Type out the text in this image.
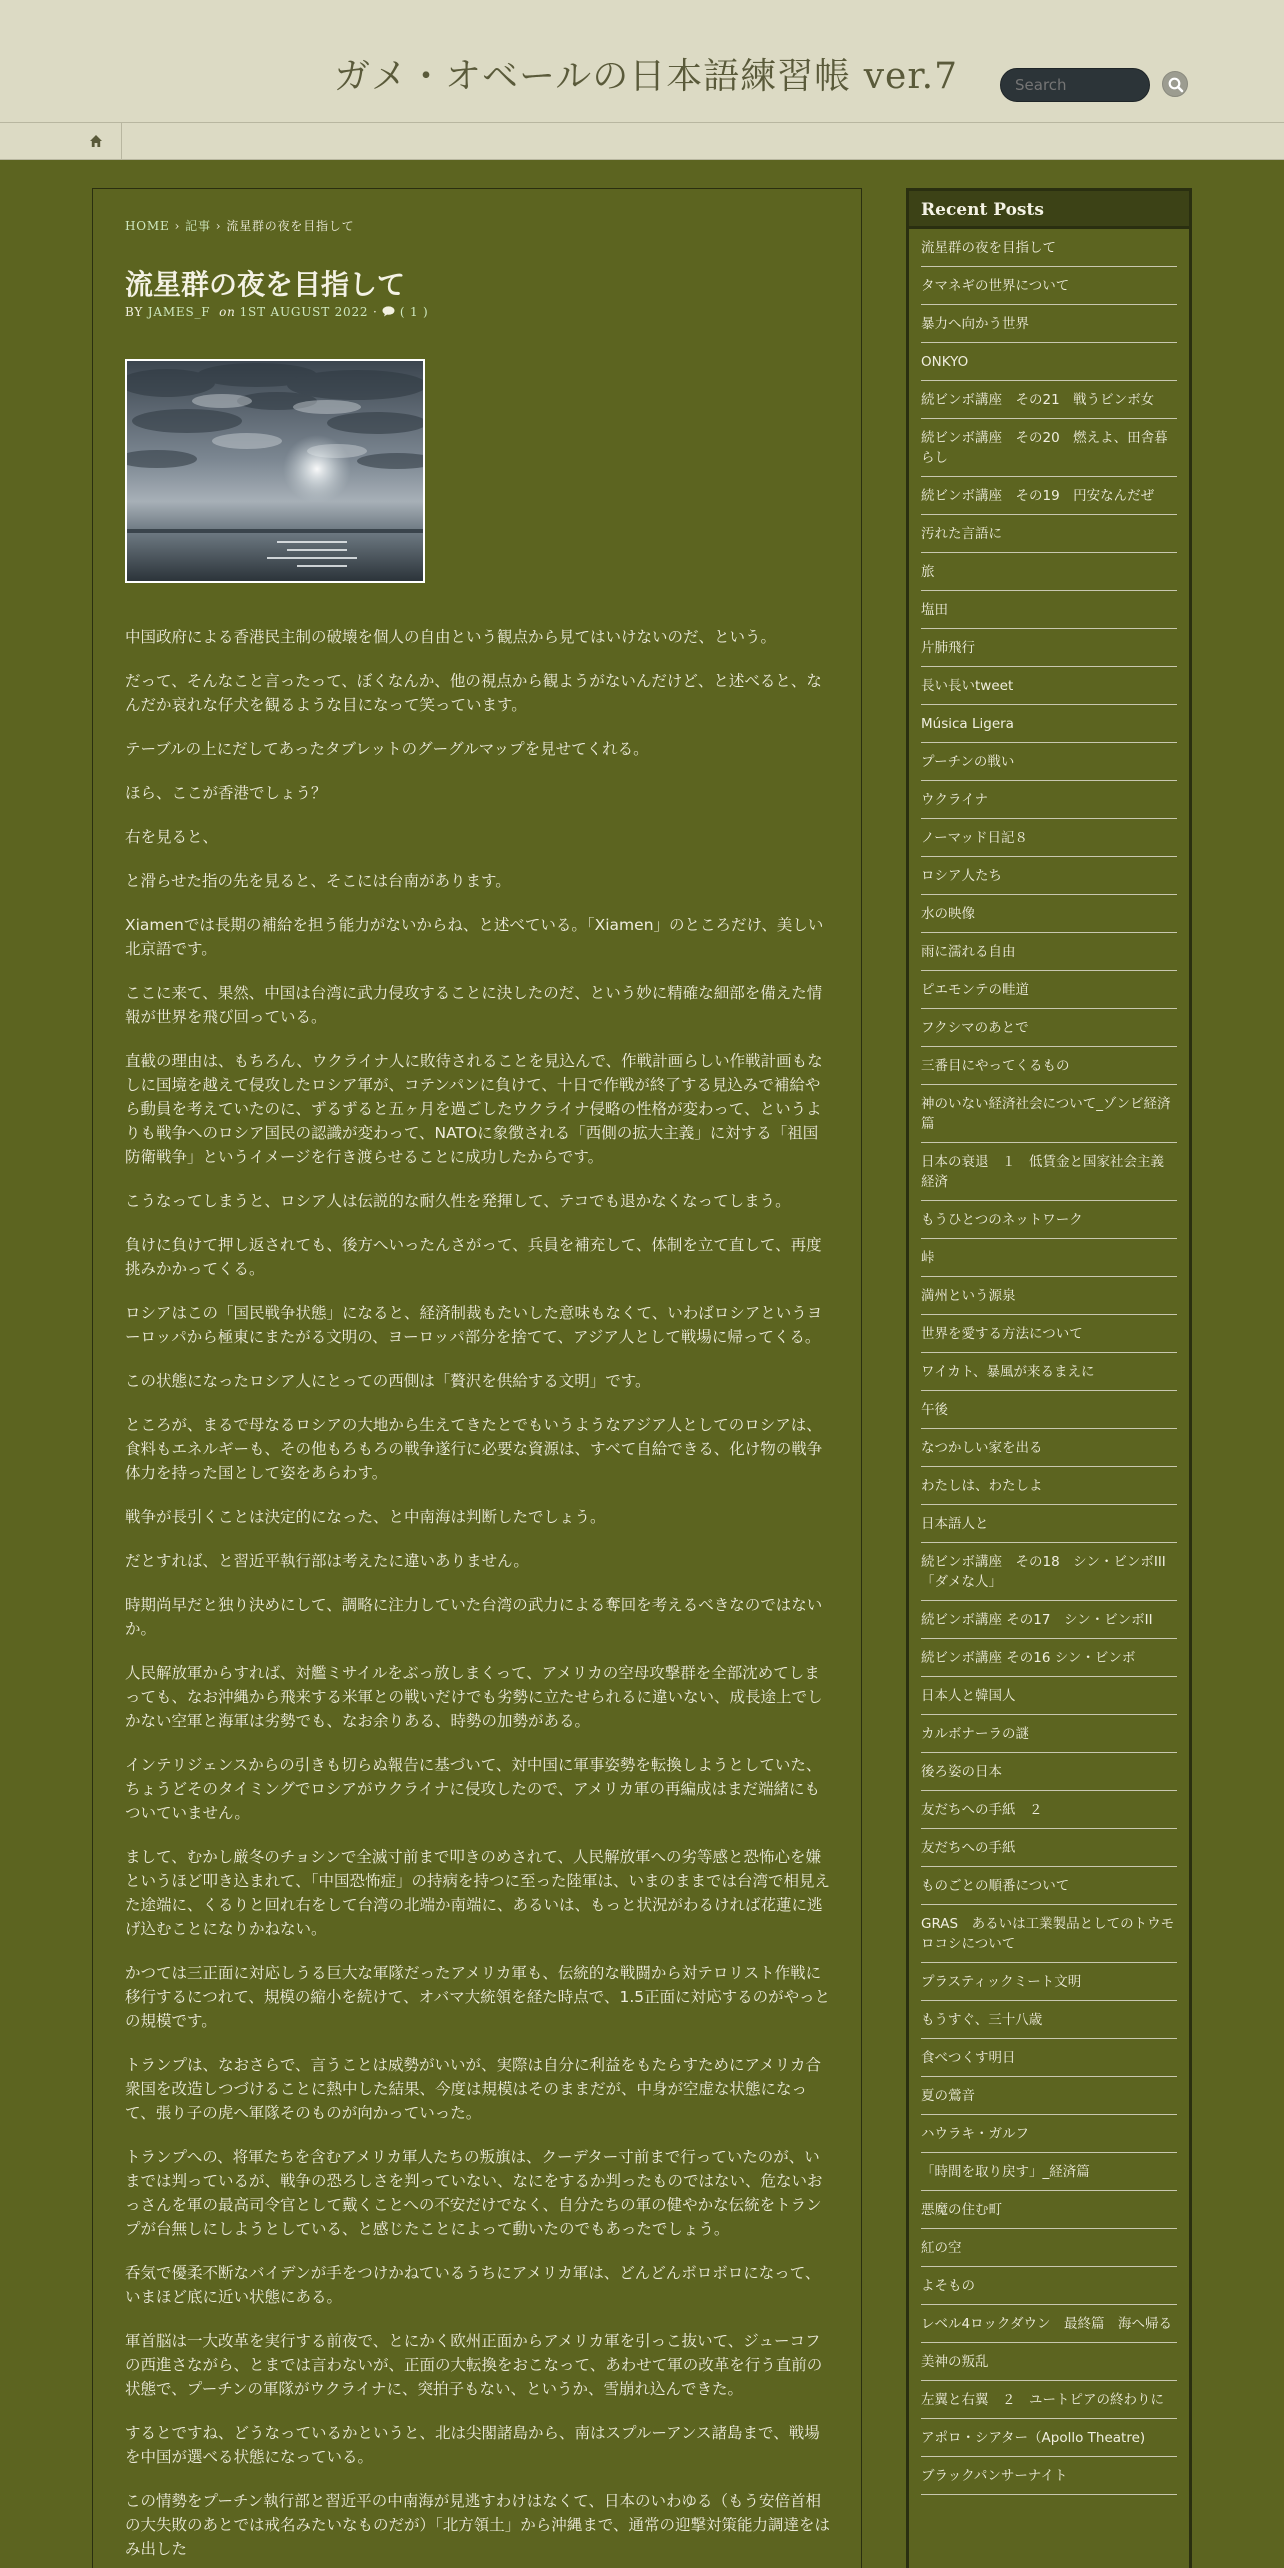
ガメ・オベールの日本語練習帳 ver.7
Search
HOME › 記事 › 流星群の夜を目指して
流星群の夜を目指して
BY JAMES_F on 1ST AUGUST 2022 · ( 1 )

中国政府による香港民主制の破壊を個人の自由という観点から見てはいけないのだ、という。

だって、そんなこと言ったって、ぼくなんか、他の視点から観ようがないんだけど、と述べると、なんだか哀れな仔犬を観るような目になって笑っています。

テーブルの上にだしてあったタブレットのグーグルマップを見せてくれる。

ほら、ここが香港でしょう？

右を見ると、

と滑らせた指の先を見ると、そこには台南があります。

Xiamenでは長期の補給を担う能力がないからね、と述べている。「Xiamen」のところだけ、美しい北京語です。

ここに来て、果然、中国は台湾に武力侵攻することに決したのだ、という妙に精確な細部を備えた情報が世界を飛び回っている。

直截の理由は、もちろん、ウクライナ人に敗待されることを見込んで、作戦計画らしい作戦計画もなしに国境を越えて侵攻したロシア軍が、コテンパンに負けて、十日で作戦が終了する見込みで補給やら動員を考えていたのに、ずるずると五ヶ月を過ごしたウクライナ侵略の性格が変わって、というよりも戦争へのロシア国民の認識が変わって、NATOに象徴される「西側の拡大主義」に対する「祖国防衛戦争」というイメージを行き渡らせることに成功したからです。

こうなってしまうと、ロシア人は伝説的な耐久性を発揮して、テコでも退かなくなってしまう。

負けに負けて押し返されても、後方へいったんさがって、兵員を補充して、体制を立て直して、再度挑みかかってくる。

ロシアはこの「国民戦争状態」になると、経済制裁もたいした意味もなくて、いわばロシアというヨーロッパから極東にまたがる文明の、ヨーロッパ部分を捨てて、アジア人として戦場に帰ってくる。

この状態になったロシア人にとっての西側は「贅沢を供給する文明」です。

ところが、まるで母なるロシアの大地から生えてきたとでもいうようなアジア人としてのロシアは、食料もエネルギーも、その他もろもろの戦争遂行に必要な資源は、すべて自給できる、化け物の戦争体力を持った国として姿をあらわす。

戦争が長引くことは決定的になった、と中南海は判断したでしょう。

だとすれば、と習近平執行部は考えたに違いありません。

時期尚早だと独り決めにして、調略に注力していた台湾の武力による奪回を考えるべきなのではないか。

人民解放軍からすれば、対艦ミサイルをぶっ放しまくって、アメリカの空母攻撃群を全部沈めてしまっても、なお沖縄から飛来する米軍との戦いだけでも劣勢に立たせられるに違いない、成長途上でしかない空軍と海軍は劣勢でも、なお余りある、時勢の加勢がある。

インテリジェンスからの引きも切らぬ報告に基づいて、対中国に軍事姿勢を転換しようとしていた、ちょうどそのタイミングでロシアがウクライナに侵攻したので、アメリカ軍の再編成はまだ端緒にもついていません。

まして、むかし厳冬のチョシンで全滅寸前まで叩きのめされて、人民解放軍への劣等感と恐怖心を嫌というほど叩き込まれて、「中国恐怖症」の持病を持つに至った陸軍は、いまのままでは台湾で相見えた途端に、くるりと回れ右をして台湾の北端か南端に、あるいは、もっと状況がわるければ花蓮に逃げ込むことになりかねない。

かつては三正面に対応しうる巨大な軍隊だったアメリカ軍も、伝統的な戦闘から対テロリスト作戦に移行するにつれて、規模の縮小を続けて、オバマ大統領を経た時点で、1.5正面に対応するのがやっとの規模です。

トランプは、なおさらで、言うことは威勢がいいが、実際は自分に利益をもたらすためにアメリカ合衆国を改造しつづけることに熱中した結果、今度は規模はそのままだが、中身が空虚な状態になって、張り子の虎へ軍隊そのものが向かっていった。

トランプへの、将軍たちを含むアメリカ軍人たちの叛旗は、クーデター寸前まで行っていたのが、いまでは判っているが、戦争の恐ろしさを判っていない、なにをするか判ったものではない、危ないおっさんを軍の最高司令官として戴くことへの不安だけでなく、自分たちの軍の健やかな伝統をトランプが台無しにしようとしている、と感じたことによって動いたのでもあったでしょう。

呑気で優柔不断なバイデンが手をつけかねているうちにアメリカ軍は、どんどんボロボロになって、いまほど底に近い状態にある。

軍首脳は一大改革を実行する前夜で、とにかく欧州正面からアメリカ軍を引っこ抜いて、ジューコフの西進さながら、とまでは言わないが、正面の大転換をおこなって、あわせて軍の改革を行う直前の状態で、プーチンの軍隊がウクライナに、突拍子もない、というか、雪崩れ込んできた。

するとですね、どうなっているかというと、北は尖閣諸島から、南はスプルーアンス諸島まで、戦場を中国が選べる状態になっている。

この情勢をプーチン執行部と習近平の中南海が見逃すわけはなくて、日本のいわゆる（もう安倍首相の大失敗のあとでは戒名みたいなものだが）「北方領土」から沖縄まで、通常の迎撃対策能力調達をはみ出した

Recent Posts
流星群の夜を目指して
タマネギの世界について
暴力へ向かう世界
ONKYO
続ビンボ講座　その21　戦うビンボ女
続ビンボ講座　その20　燃えよ、田舎暮らし
続ビンボ講座　その19　円安なんだぜ
汚れた言語に
旅
塩田
片肺飛行
長い長いtweet
Música Ligera
プーチンの戦い
ウクライナ
ノーマッド日記８
ロシア人たち
水の映像
雨に濡れる自由
ピエモンテの畦道
フクシマのあとで
三番目にやってくるもの
神のいない経済社会について_ゾンビ経済篇
日本の衰退　１　低賃金と国家社会主義経済
もうひとつのネットワーク
峠
満州という源泉
世界を愛する方法について
ワイカト、暴風が来るまえに
午後
なつかしい家を出る
わたしは、わたしよ
日本語人と
続ビンボ講座　その18　シン・ビンボIII「ダメな人」
続ビンボ講座 その17　シン・ビンボII
続ビンボ講座 その16 シン・ビンボ
日本人と韓国人
カルボナーラの謎
後ろ姿の日本
友だちへの手紙　２
友だちへの手紙
ものごとの順番について
GRAS　あるいは工業製品としてのトウモロコシについて
プラスティックミート文明
もうすぐ、三十八歳
食べつくす明日
夏の鶯音
ハウラキ・ガルフ
「時間を取り戻す」_経済篇
悪魔の住む町
紅の空
よそもの
レベル4ロックダウン　最終篇　海へ帰る
美神の叛乱
左翼と右翼　２　ユートピアの終わりに
アポロ・シアター（Apollo Theatre)
ブラックパンサーナイト
